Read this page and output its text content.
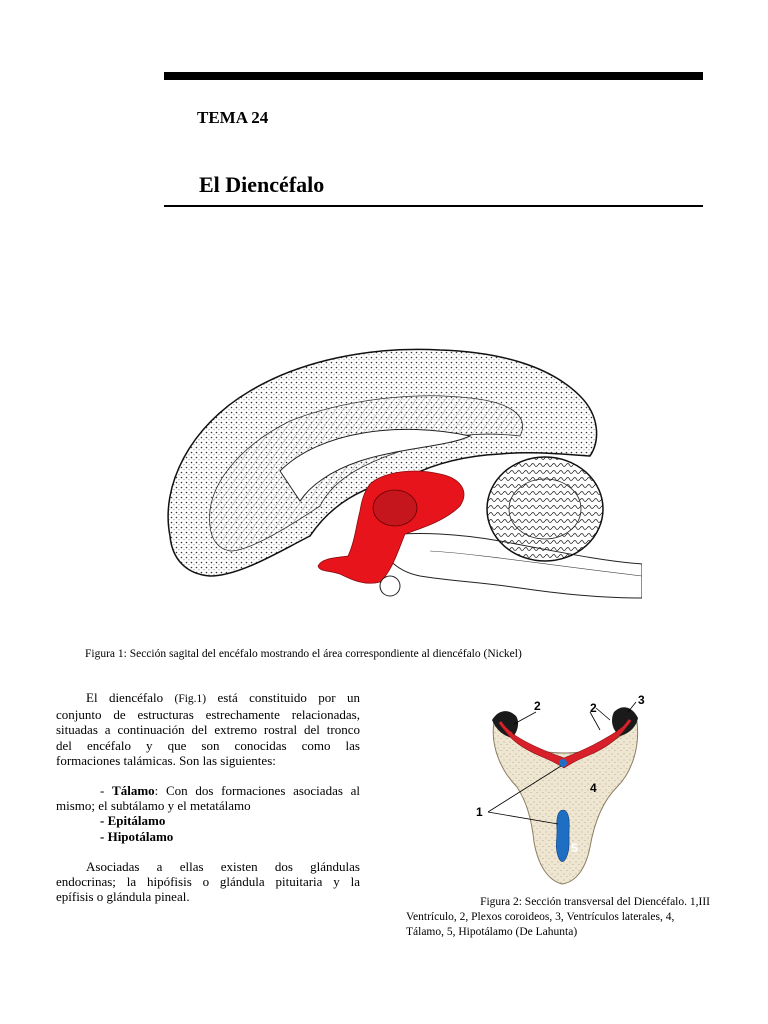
TEMA 24
El Diencéfalo
Figura 1: Sección sagital del encéfalo mostrando el área correspondiente al diencéfalo (Nickel)

El diencéfalo (Fig.1) está constituido por un

conjunto de estructuras estrechamente relacionadas,

situadas a continuación del extremo rostral del tronco

del encéfalo y que son conocidas como las

formaciones talámicas. Son las siguientes:

- Tálamo: Con dos formaciones asociadas al

mismo; el subtálamo y el metatálamo

- Epitálamo

- Hipotálamo

Asociadas a ellas existen dos glándulas

endocrinas; la hipófisis o glándula pituitaria y la

epífisis o glándula pineal.

2	2
3
4
1
5
Figura 2: Sección transversal del Diencéfalo. 1,III
Ventrículo, 2, Plexos coroideos, 3, Ventrículos laterales, 4,
Tálamo, 5, Hipotálamo (De Lahunta)
